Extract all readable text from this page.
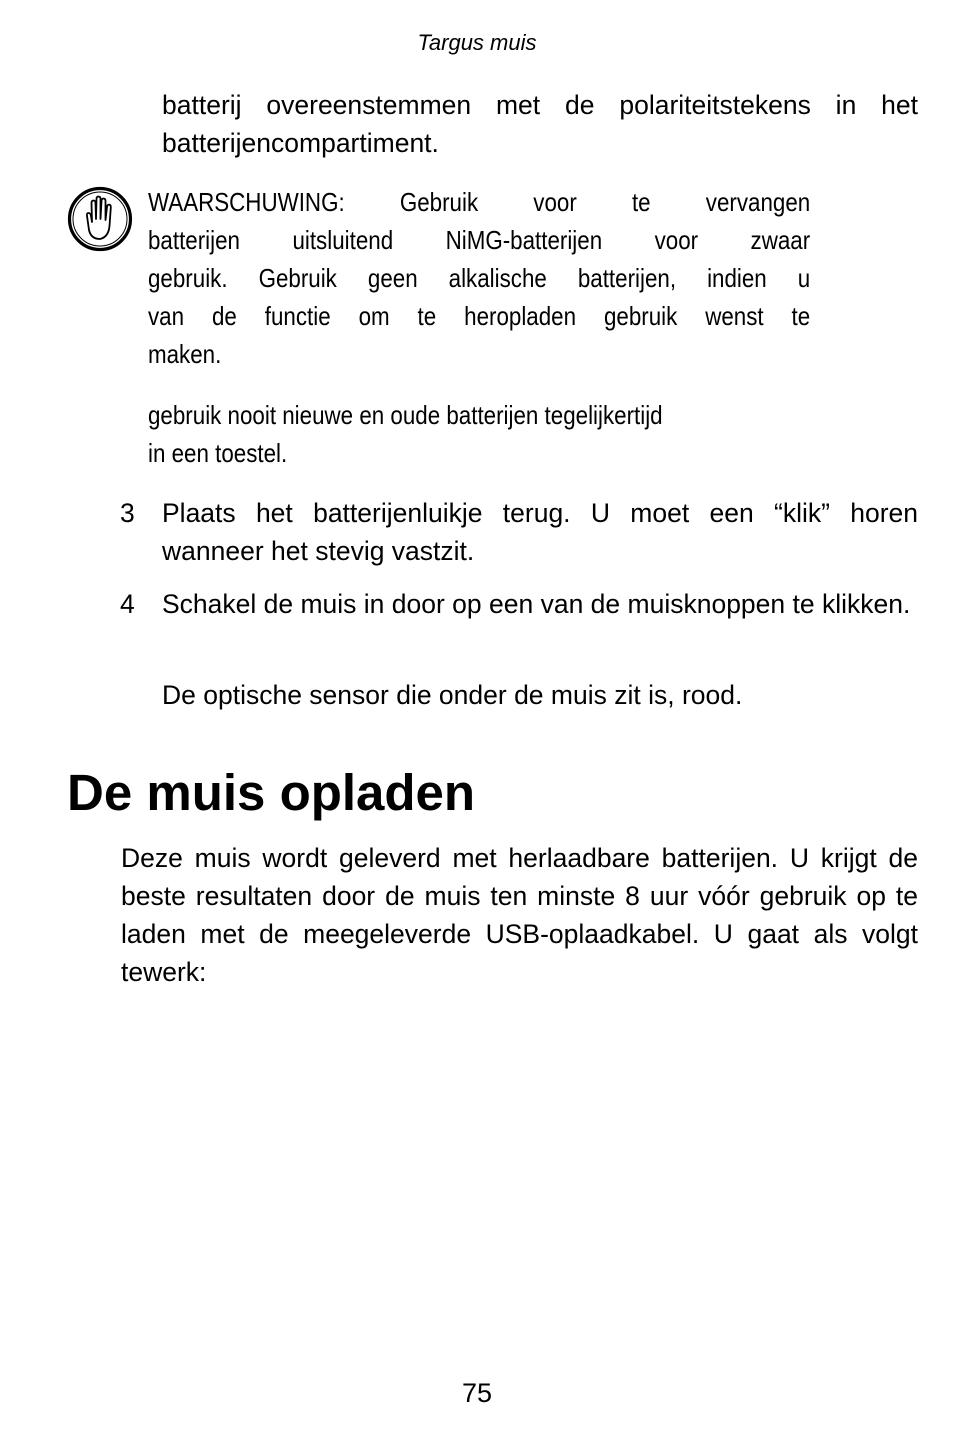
Targus muis
batterij overeenstemmen met de polariteitstekens in het batterijencompartiment.
WAARSCHUWING: Gebruik voor te vervangen
batterijen uitsluitend NiMG-batterijen voor zwaar
gebruik. Gebruik geen alkalische batterijen, indien u
van de functie om te heropladen gebruik wenst te
maken.
gebruik nooit nieuwe en oude batterijen tegelijkertijd
in een toestel.
3	Plaats het batterijenluikje terug. U moet een “klik” horen wanneer het stevig vastzit.
4	Schakel de muis in door op een van de muisknoppen te klikken.
De optische sensor die onder de muis zit is, rood.
De muis opladen
Deze muis wordt geleverd met herlaadbare batterijen. U krijgt de beste resultaten door de muis ten minste 8 uur vóór gebruik op te laden met de meegeleverde USB-oplaadkabel. U gaat als volgt tewerk:
75
